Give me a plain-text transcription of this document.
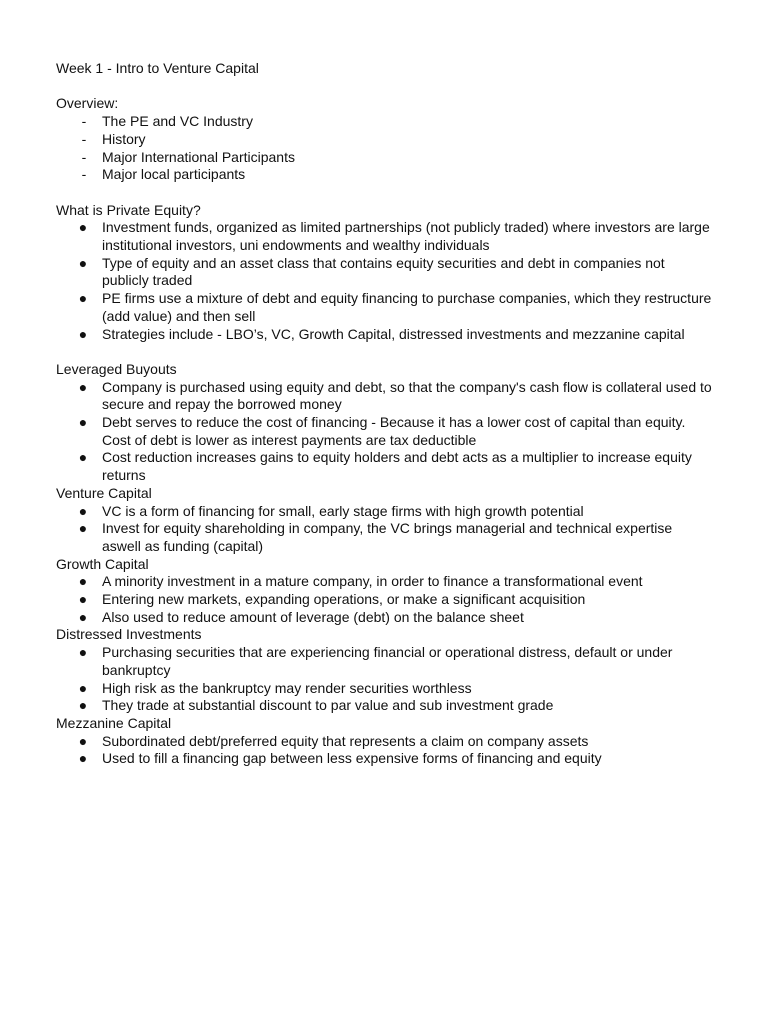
Week 1 - Intro to Venture Capital

Overview:

- The PE and VC Industry
- History
- Major International Participants
- Major local participants

What is Private Equity?

● Investment funds, organized as limited partnerships (not publicly traded) where investors are large institutional investors, uni endowments and wealthy individuals
● Type of equity and an asset class that contains equity securities and debt in companies not publicly traded
● PE firms use a mixture of debt and equity financing to purchase companies, which they restructure (add value) and then sell
● Strategies include - LBO’s, VC, Growth Capital, distressed investments and mezzanine capital

Leveraged Buyouts

● Company is purchased using equity and debt, so that the company's cash flow is collateral used to secure and repay the borrowed money
● Debt serves to reduce the cost of financing - Because it has a lower cost of capital than equity. Cost of debt is lower as interest payments are tax deductible
● Cost reduction increases gains to equity holders and debt acts as a multiplier to increase equity returns

Venture Capital

● VC is a form of financing for small, early stage firms with high growth potential
● Invest for equity shareholding in company, the VC brings managerial and technical expertise aswell as funding (capital)

Growth Capital

● A minority investment in a mature company, in order to finance a transformational event
● Entering new markets, expanding operations, or make a significant acquisition
● Also used to reduce amount of leverage (debt) on the balance sheet

Distressed Investments

● Purchasing securities that are experiencing financial or operational distress, default or under bankruptcy
● High risk as the bankruptcy may render securities worthless
● They trade at substantial discount to par value and sub investment grade

Mezzanine Capital

● Subordinated debt/preferred equity that represents a claim on company assets
● Used to fill a financing gap between less expensive forms of financing and equity
